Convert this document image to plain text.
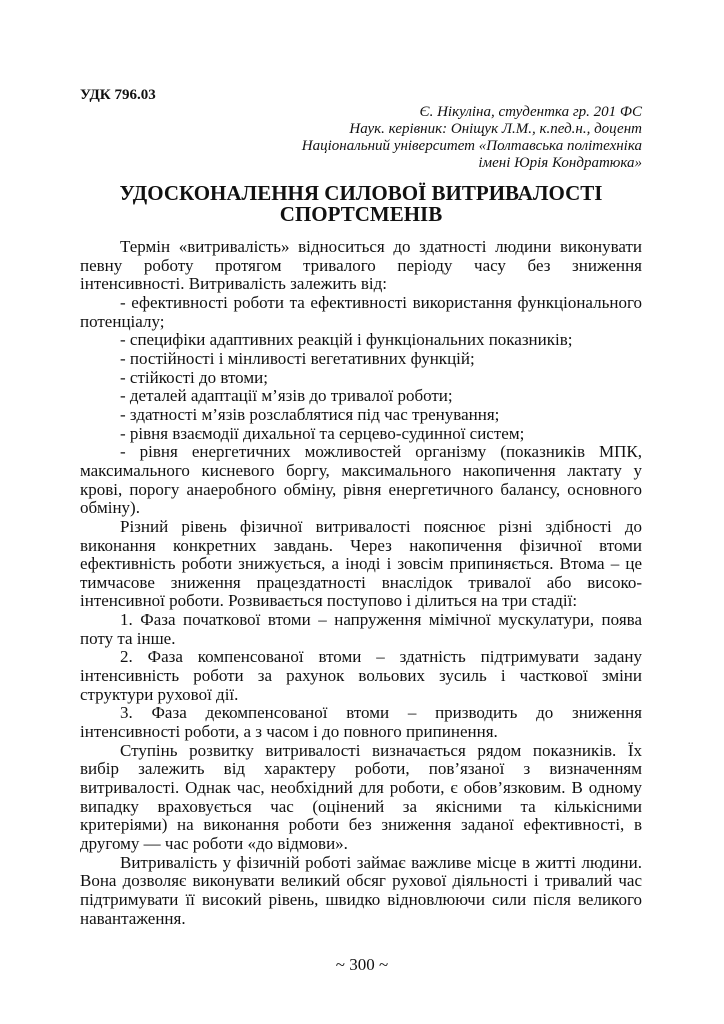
УДК 796.03
Є. Нікуліна, студентка гр. 201 ФС
Наук. керівник: Оніщук Л.М., к.пед.н., доцент
Національний університет «Полтавська політехніка
імені Юрія Кондратюка»
УДОСКОНАЛЕННЯ СИЛОВОЇ ВИТРИВАЛОСТІ
СПОРТСМЕНІВ
Термін «витривалість» відноситься до здатності людини виконувати
певну роботу протягом тривалого періоду часу без зниження
інтенсивності. Витривалість залежить від:
- ефективності роботи та ефективності використання функціонального
потенціалу;
- специфіки адаптивних реакцій і функціональних показників;
- постійності і мінливості вегетативних функцій;
- стійкості до втоми;
- деталей адаптації м’язів до тривалої роботи;
- здатності м’язів розслаблятися під час тренування;
- рівня взаємодії дихальної та серцево-судинної систем;
- рівня енергетичних можливостей організму (показників МПК,
максимального кисневого боргу, максимального накопичення лактату у
крові, порогу анаеробного обміну, рівня енергетичного балансу, основного
обміну).
Різний рівень фізичної витривалості пояснює різні здібності до
виконання конкретних завдань. Через накопичення фізичної втоми
ефективність роботи знижується, а іноді і зовсім припиняється. Втома – це
тимчасове зниження працездатності внаслідок тривалої або високо-
інтенсивної роботи. Розвивається поступово і ділиться на три стадії:
1. Фаза початкової втоми – напруження мімічної мускулатури, поява
поту та інше.
2. Фаза компенсованої втоми – здатність підтримувати задану
інтенсивність роботи за рахунок вольових зусиль і часткової зміни
структури рухової дії.
3. Фаза декомпенсованої втоми – призводить до зниження
інтенсивності роботи, а з часом і до повного припинення.
Ступінь розвитку витривалості визначається рядом показників. Їх
вибір залежить від характеру роботи, пов’язаної з визначенням
витривалості. Однак час, необхідний для роботи, є обов’язковим. В одному
випадку враховується час (оцінений за якісними та кількісними
критеріями) на виконання роботи без зниження заданої ефективності, в
другому — час роботи «до відмови».
Витривалість у фізичній роботі займає важливе місце в житті людини.
Вона дозволяє виконувати великий обсяг рухової діяльності і тривалий час
підтримувати її високий рівень, швидко відновлюючи сили після великого
навантаження.
~ 300 ~
